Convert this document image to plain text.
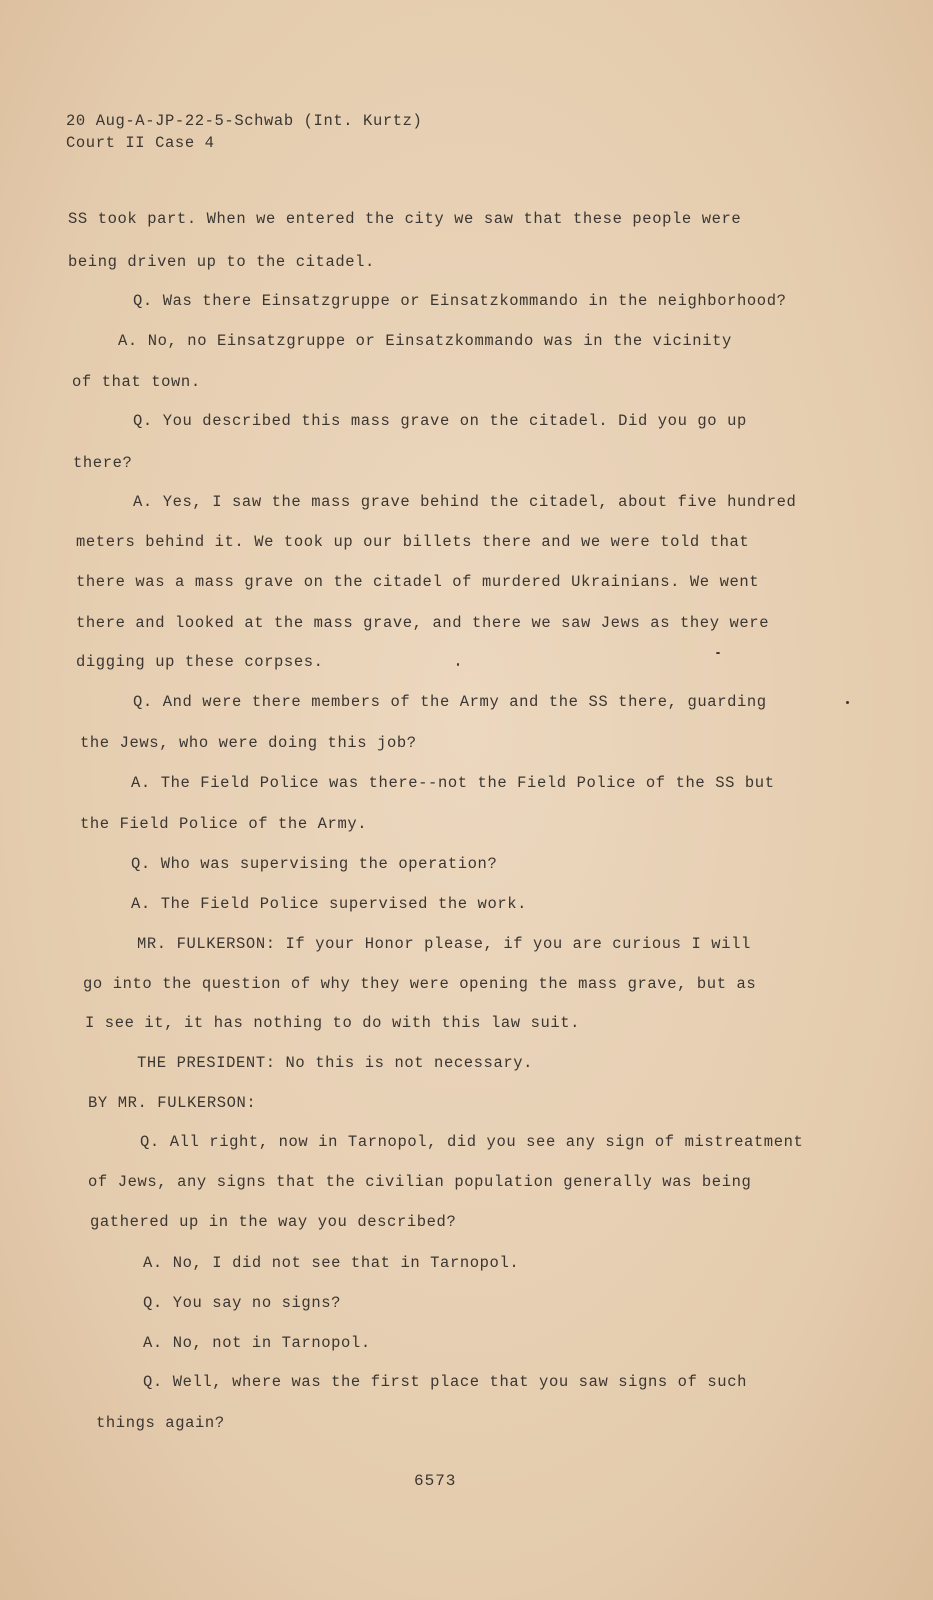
20 Aug-A-JP-22-5-Schwab (Int. Kurtz)
Court II Case 4
SS took part. When we entered the city we saw that these people were
being driven up to the citadel.
Q. Was there Einsatzgruppe or Einsatzkommando in the neighborhood?
A. No, no Einsatzgruppe or Einsatzkommando was in the vicinity
of that town.
Q. You described this mass grave on the citadel. Did you go up
there?
A. Yes, I saw the mass grave behind the citadel, about five hundred
meters behind it. We took up our billets there and we were told that
there was a mass grave on the citadel of murdered Ukrainians. We went
there and looked at the mass grave, and there we saw Jews as they were
digging up these corpses.
Q. And were there members of the Army and the SS there, guarding
the Jews, who were doing this job?
A. The Field Police was there--not the Field Police of the SS but
the Field Police of the Army.
Q. Who was supervising the operation?
A. The Field Police supervised the work.
MR. FULKERSON: If your Honor please, if you are curious I will
go into the question of why they were opening the mass grave, but as
I see it, it has nothing to do with this law suit.
THE PRESIDENT: No this is not necessary.
BY MR. FULKERSON:
Q. All right, now in Tarnopol, did you see any sign of mistreatment
of Jews, any signs that the civilian population generally was being
gathered up in the way you described?
A. No, I did not see that in Tarnopol.
Q. You say no signs?
A. No, not in Tarnopol.
Q. Well, where was the first place that you saw signs of such
things again?
6573
